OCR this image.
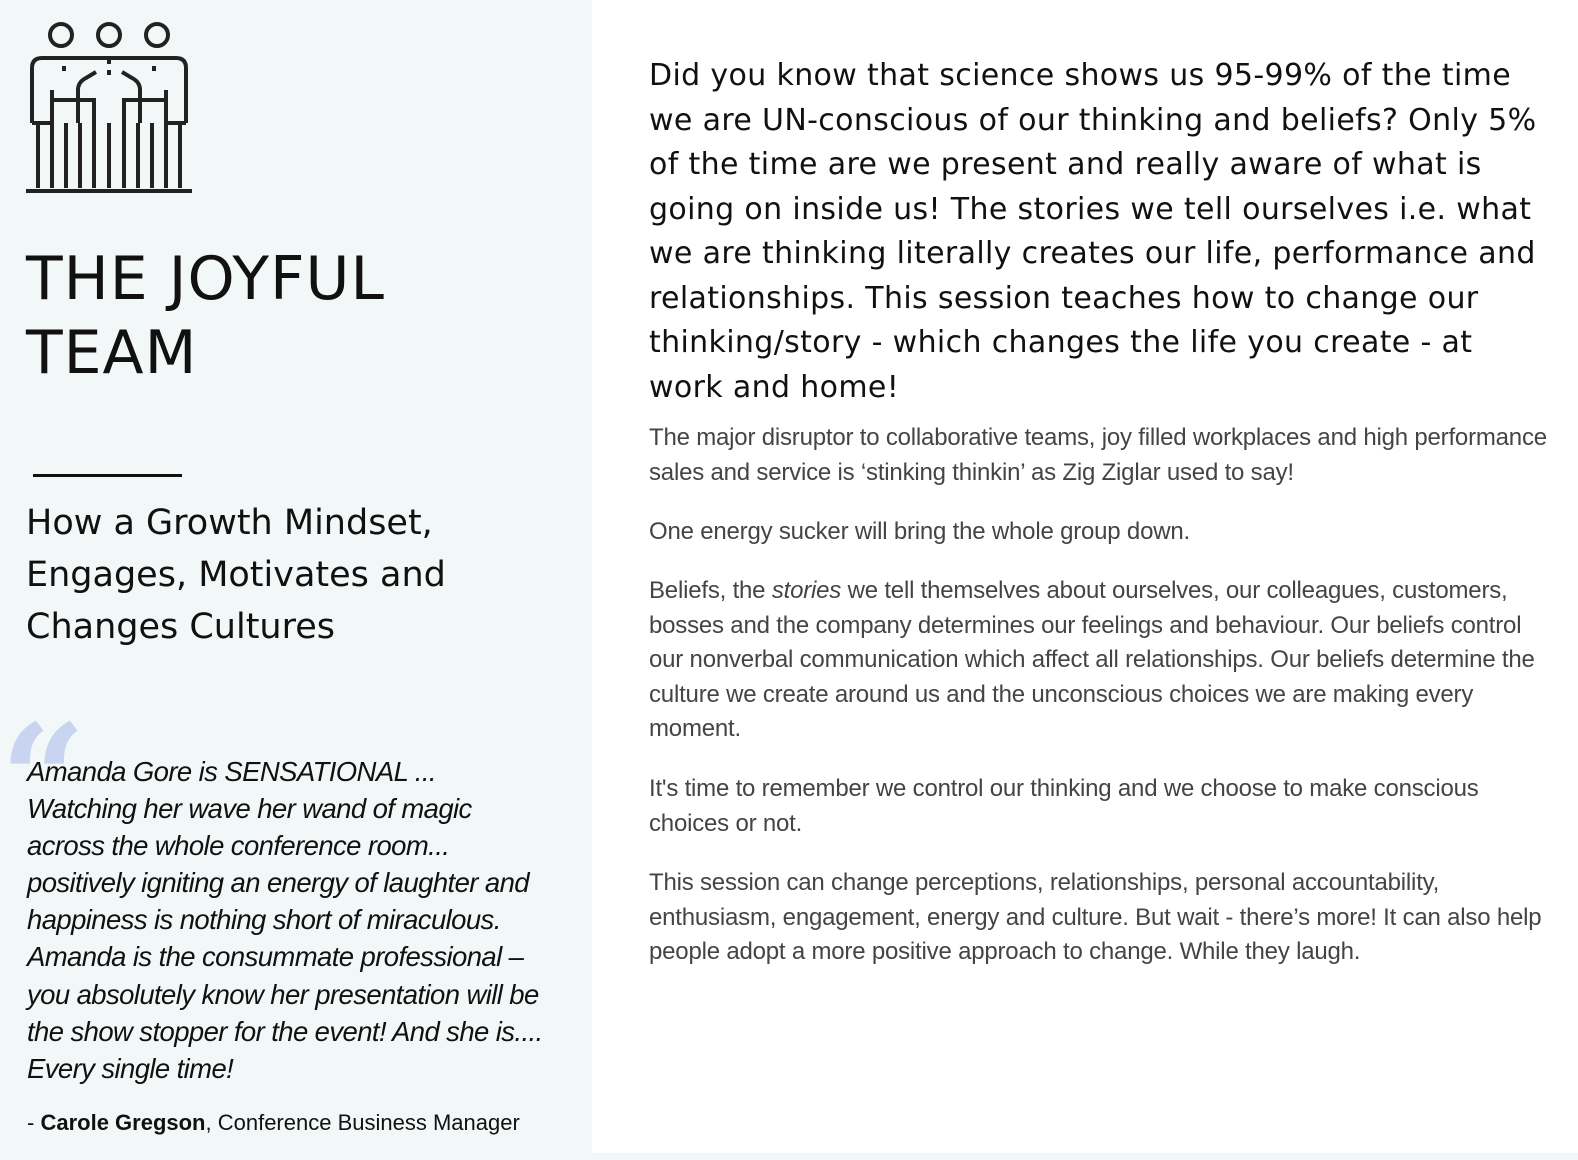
THE JOYFUL TEAM
How a Growth Mindset, Engages, Motivates and Changes Cultures
“

Amanda Gore is SENSATIONAL ... Watching her wave her wand of magic across the whole conference room... positively igniting an energy of laughter and happiness is nothing short of miraculous. Amanda is the consummate professional – you absolutely know her presentation will be the show stopper for the event! And she is.... Every single time!

- Carole Gregson, Conference Business Manager

Did you know that science shows us 95-99% of the time we are UN-conscious of our thinking and beliefs? Only 5% of the time are we present and really aware of what is going on inside us! The stories we tell ourselves i.e. what we are thinking literally creates our life, performance and relationships. This session teaches how to change our thinking/story - which changes the life you create - at work and home!

The major disruptor to collaborative teams, joy filled workplaces and high performance sales and service is ‘stinking thinkin’ as Zig Ziglar used to say!

One energy sucker will bring the whole group down.

Beliefs, the stories we tell themselves about ourselves, our colleagues, customers, bosses and the company determines our feelings and behaviour. Our beliefs control our nonverbal communication which affect all relationships. Our beliefs determine the culture we create around us and the unconscious choices we are making every moment.

It's time to remember we control our thinking and we choose to make conscious choices or not.

This session can change perceptions, relationships, personal accountability, enthusiasm, engagement, energy and culture. But wait - there’s more! It can also help people adopt a more positive approach to change. While they laugh.
